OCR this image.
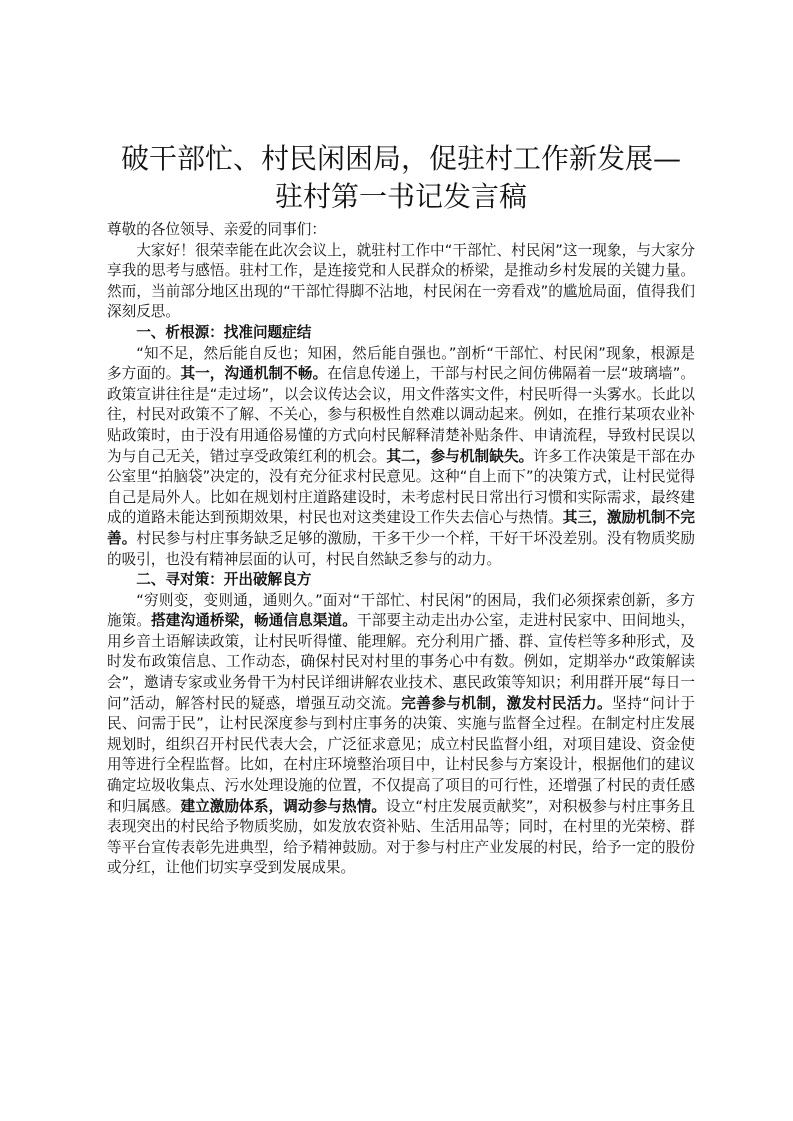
破干部忙、村民闲困局，促驻村工作新发展—
驻村第一书记发言稿

尊敬的各位领导、亲爱的同事们：

大家好！很荣幸能在此次会议上，就驻村工作中“干部忙、村民闲”这一现象，与大家分享我的思考与感悟。驻村工作，是连接党和人民群众的桥梁，是推动乡村发展的关键力量。然而，当前部分地区出现的“干部忙得脚不沾地，村民闲在一旁看戏”的尴尬局面，值得我们深刻反思。

一、析根源：找准问题症结

“知不足，然后能自反也；知困，然后能自强也。”剖析“干部忙、村民闲”现象，根源是多方面的。其一，沟通机制不畅。在信息传递上，干部与村民之间仿佛隔着一层“玻璃墙”。政策宣讲往往是“走过场”，以会议传达会议，用文件落实文件，村民听得一头雾水。长此以往，村民对政策不了解、不关心，参与积极性自然难以调动起来。例如，在推行某项农业补贴政策时，由于没有用通俗易懂的方式向村民解释清楚补贴条件、申请流程，导致村民误以为与自己无关，错过享受政策红利的机会。其二，参与机制缺失。许多工作决策是干部在办公室里“拍脑袋”决定的，没有充分征求村民意见。这种“自上而下”的决策方式，让村民觉得自己是局外人。比如在规划村庄道路建设时，未考虑村民日常出行习惯和实际需求，最终建成的道路未能达到预期效果，村民也对这类建设工作失去信心与热情。其三，激励机制不完善。村民参与村庄事务缺乏足够的激励，干多干少一个样，干好干坏没差别。没有物质奖励的吸引，也没有精神层面的认可，村民自然缺乏参与的动力。

二、寻对策：开出破解良方

“穷则变，变则通，通则久。”面对“干部忙、村民闲”的困局，我们必须探索创新，多方施策。搭建沟通桥梁，畅通信息渠道。干部要主动走出办公室，走进村民家中、田间地头，用乡音土语解读政策，让村民听得懂、能理解。充分利用广播、群、宣传栏等多种形式，及时发布政策信息、工作动态，确保村民对村里的事务心中有数。例如，定期举办“政策解读会”，邀请专家或业务骨干为村民详细讲解农业技术、惠民政策等知识；利用群开展“每日一问”活动，解答村民的疑惑，增强互动交流。完善参与机制，激发村民活力。坚持“问计于民、问需于民”，让村民深度参与到村庄事务的决策、实施与监督全过程。在制定村庄发展规划时，组织召开村民代表大会，广泛征求意见；成立村民监督小组，对项目建设、资金使用等进行全程监督。比如，在村庄环境整治项目中，让村民参与方案设计，根据他们的建议确定垃圾收集点、污水处理设施的位置，不仅提高了项目的可行性，还增强了村民的责任感和归属感。建立激励体系，调动参与热情。设立“村庄发展贡献奖”，对积极参与村庄事务且表现突出的村民给予物质奖励，如发放农资补贴、生活用品等；同时，在村里的光荣榜、群等平台宣传表彰先进典型，给予精神鼓励。对于参与村庄产业发展的村民，给予一定的股份或分红，让他们切实享受到发展成果。
